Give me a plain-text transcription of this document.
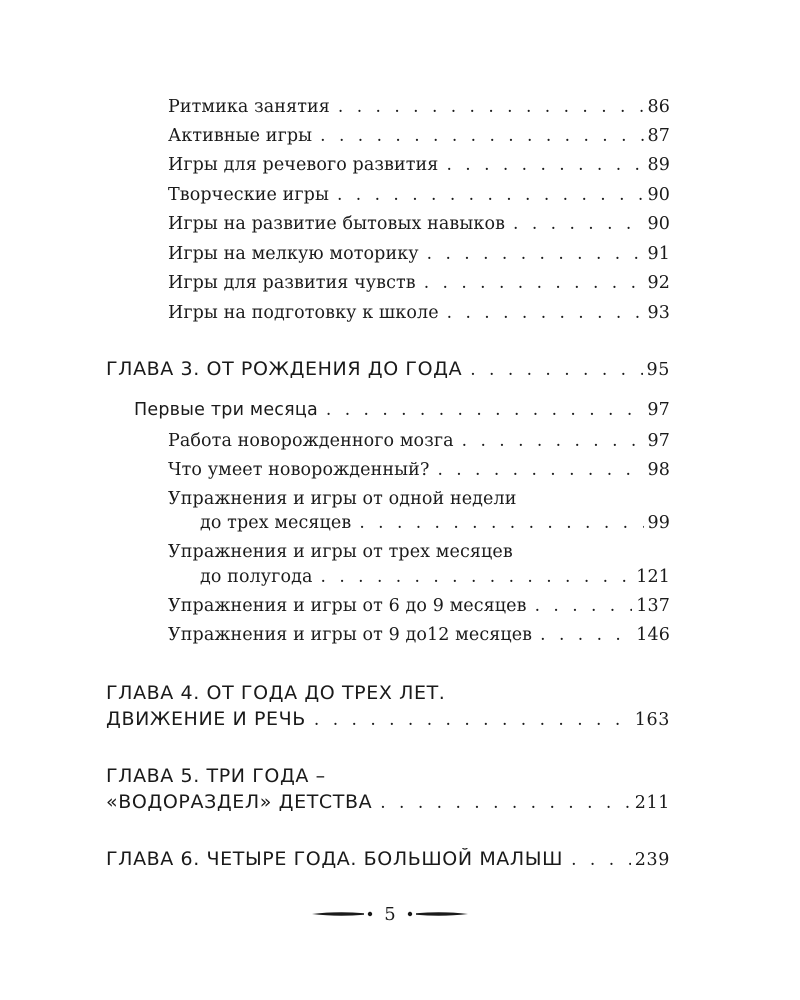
Ритмика занятия . . .	86
Активные игры . . .	87
Игры для речевого развития . . .	89
Творческие игры . . .	90
Игры на развитие бытовых навыков . . .	90
Игры на мелкую моторику . . .	91
Игры для развития чувств . . .	92
Игры на подготовку к школе . . .	93
ГЛАВА 3. ОТ РОЖДЕНИЯ ДО ГОДА . . .	95
Первые три месяца . . .	97
Работа новорожденного мозга . . .	97
Что умеет новорожденный? . . .	98
Упражнения и игры от одной недели
до трех месяцев . . .	99
Упражнения и игры от трех месяцев
до полугода . . .	121
Упражнения и игры от 6 до 9 месяцев . . .	137
Упражнения и игры от 9 до12 месяцев . . .	146
ГЛАВА 4. ОТ ГОДА ДО ТРЕХ ЛЕТ.
ДВИЖЕНИЕ И РЕЧЬ . . .	163
ГЛАВА 5. ТРИ ГОДА –
«ВОДОРАЗДЕЛ» ДЕТСТВА . . .	211
ГЛАВА 6. ЧЕТЫРЕ ГОДА. БОЛЬШОЙ МАЛЫШ . . .	239
5
